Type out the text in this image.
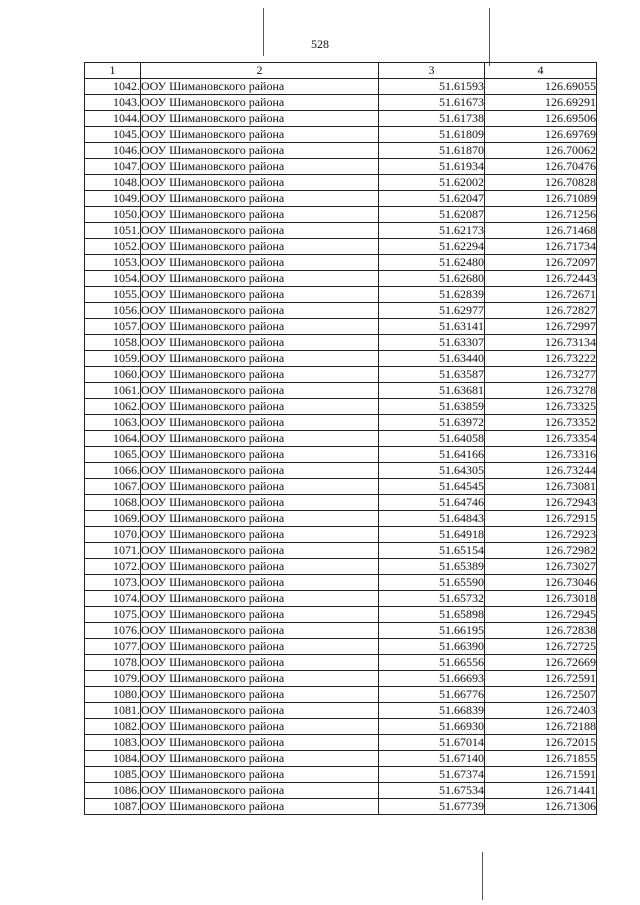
528
1	2	3	4
1042.	ООУ Шимановского района	51.61593	126.69055
1043.	ООУ Шимановского района	51.61673	126.69291
1044.	ООУ Шимановского района	51.61738	126.69506
1045.	ООУ Шимановского района	51.61809	126.69769
1046.	ООУ Шимановского района	51.61870	126.70062
1047.	ООУ Шимановского района	51.61934	126.70476
1048.	ООУ Шимановского района	51.62002	126.70828
1049.	ООУ Шимановского района	51.62047	126.71089
1050.	ООУ Шимановского района	51.62087	126.71256
1051.	ООУ Шимановского района	51.62173	126.71468
1052.	ООУ Шимановского района	51.62294	126.71734
1053.	ООУ Шимановского района	51.62480	126.72097
1054.	ООУ Шимановского района	51.62680	126.72443
1055.	ООУ Шимановского района	51.62839	126.72671
1056.	ООУ Шимановского района	51.62977	126.72827
1057.	ООУ Шимановского района	51.63141	126.72997
1058.	ООУ Шимановского района	51.63307	126.73134
1059.	ООУ Шимановского района	51.63440	126.73222
1060.	ООУ Шимановского района	51.63587	126.73277
1061.	ООУ Шимановского района	51.63681	126.73278
1062.	ООУ Шимановского района	51.63859	126.73325
1063.	ООУ Шимановского района	51.63972	126.73352
1064.	ООУ Шимановского района	51.64058	126.73354
1065.	ООУ Шимановского района	51.64166	126.73316
1066.	ООУ Шимановского района	51.64305	126.73244
1067.	ООУ Шимановского района	51.64545	126.73081
1068.	ООУ Шимановского района	51.64746	126.72943
1069.	ООУ Шимановского района	51.64843	126.72915
1070.	ООУ Шимановского района	51.64918	126.72923
1071.	ООУ Шимановского района	51.65154	126.72982
1072.	ООУ Шимановского района	51.65389	126.73027
1073.	ООУ Шимановского района	51.65590	126.73046
1074.	ООУ Шимановского района	51.65732	126.73018
1075.	ООУ Шимановского района	51.65898	126.72945
1076.	ООУ Шимановского района	51.66195	126.72838
1077.	ООУ Шимановского района	51.66390	126.72725
1078.	ООУ Шимановского района	51.66556	126.72669
1079.	ООУ Шимановского района	51.66693	126.72591
1080.	ООУ Шимановского района	51.66776	126.72507
1081.	ООУ Шимановского района	51.66839	126.72403
1082.	ООУ Шимановского района	51.66930	126.72188
1083.	ООУ Шимановского района	51.67014	126.72015
1084.	ООУ Шимановского района	51.67140	126.71855
1085.	ООУ Шимановского района	51.67374	126.71591
1086.	ООУ Шимановского района	51.67534	126.71441
1087.	ООУ Шимановского района	51.67739	126.71306
